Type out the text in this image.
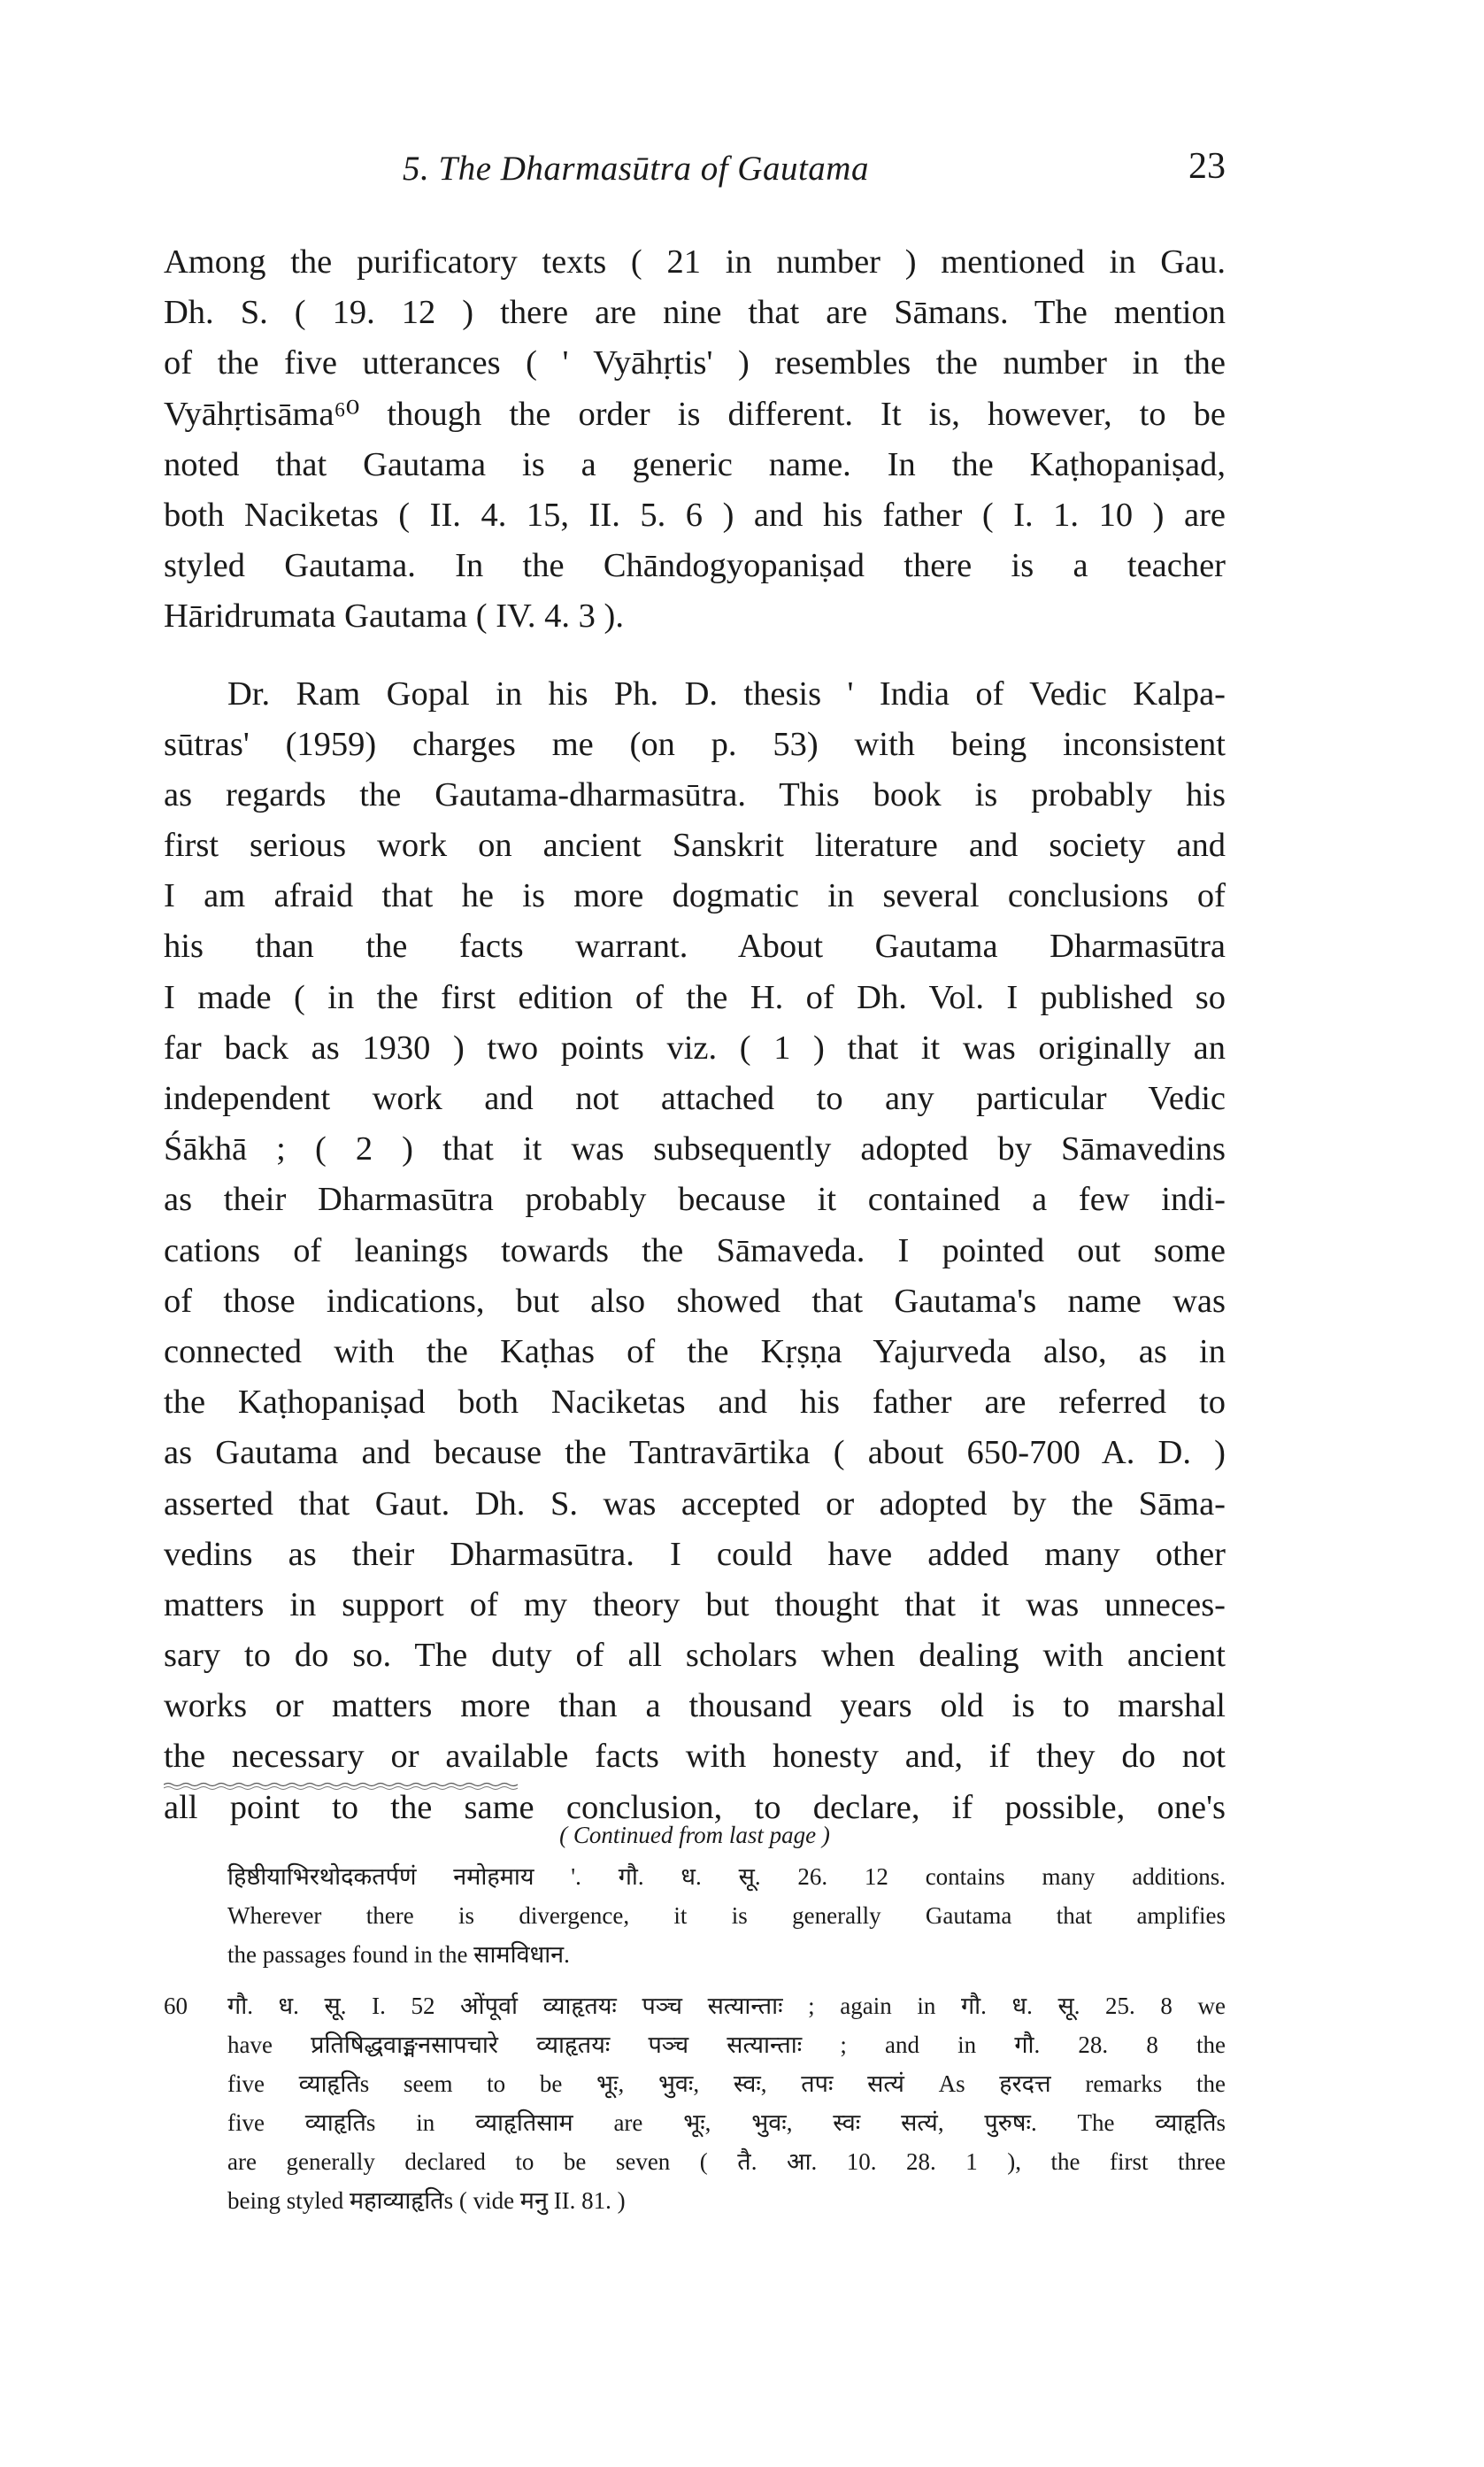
5. The Dharmasūtra of Gautama	23
Among the purificatory texts ( 21 in number ) mentioned in Gau.
Dh. S. ( 19. 12 ) there are nine that are Sāmans. The mention
of the five utterances ( ' Vyāhṛtis' ) resembles the number in the
Vyāhṛtisāma⁶⁰ though the order is different. It is, however, to be
noted that Gautama is a generic name. In the Kaṭhopaniṣad,
both Naciketas ( II. 4. 15, II. 5. 6 ) and his father ( I. 1. 10 ) are
styled Gautama. In the Chāndogyopaniṣad there is a teacher
Hāridrumata Gautama ( IV. 4. 3 ).
Dr. Ram Gopal in his Ph. D. thesis ' India of Vedic Kalpa-
sūtras' (1959) charges me (on p. 53) with being inconsistent
as regards the Gautama-dharmasūtra. This book is probably his
first serious work on ancient Sanskrit literature and society and
I am afraid that he is more dogmatic in several conclusions of
his than the facts warrant. About Gautama Dharmasūtra
I made ( in the first edition of the H. of Dh. Vol. I published so
far back as 1930 ) two points viz. ( 1 ) that it was originally an
independent work and not attached to any particular Vedic
Śākhā ; ( 2 ) that it was subsequently adopted by Sāmavedins
as their Dharmasūtra probably because it contained a few indi-
cations of leanings towards the Sāmaveda. I pointed out some
of those indications, but also showed that Gautama's name was
connected with the Kaṭhas of the Kṛṣṇa Yajurveda also, as in
the Kaṭhopaniṣad both Naciketas and his father are referred to
as Gautama and because the Tantravārtika ( about 650-700 A. D. )
asserted that Gaut. Dh. S. was accepted or adopted by the Sāma-
vedins as their Dharmasūtra. I could have added many other
matters in support of my theory but thought that it was unneces-
sary to do so. The duty of all scholars when dealing with ancient
works or matters more than a thousand years old is to marshal
the necessary or available facts with honesty and, if they do not
all point to the same conclusion, to declare, if possible, one's
( Continued from last page )
हिष्ठीयाभिरथोदकतर्पणं नमोहमाय '. गौ. ध. सू. 26. 12 contains many additions.
Wherever there is divergence, it is generally Gautama that amplifies
the passages found in the सामविधान.
60 गौ. ध. सू. I. 52 ओंपूर्वा व्याहृतयः पञ्च सत्यान्ताः ; again in गौ. ध. सू. 25. 8 we
have प्रतिषिद्धवाङ्मनसापचारे व्याहृतयः पञ्च सत्यान्ताः ; and in गौ. 28. 8 the
five व्याहृतिs seem to be भूः, भुवः, स्वः, तपः सत्यं As हरदत्त remarks the
five व्याहृतिs in व्याहृतिसाम are भूः, भुवः, स्वः सत्यं, पुरुषः. The व्याहृतिs
are generally declared to be seven ( तै. आ. 10. 28. 1 ), the first three
being styled महाव्याहृतिs ( vide मनु II. 81. )
